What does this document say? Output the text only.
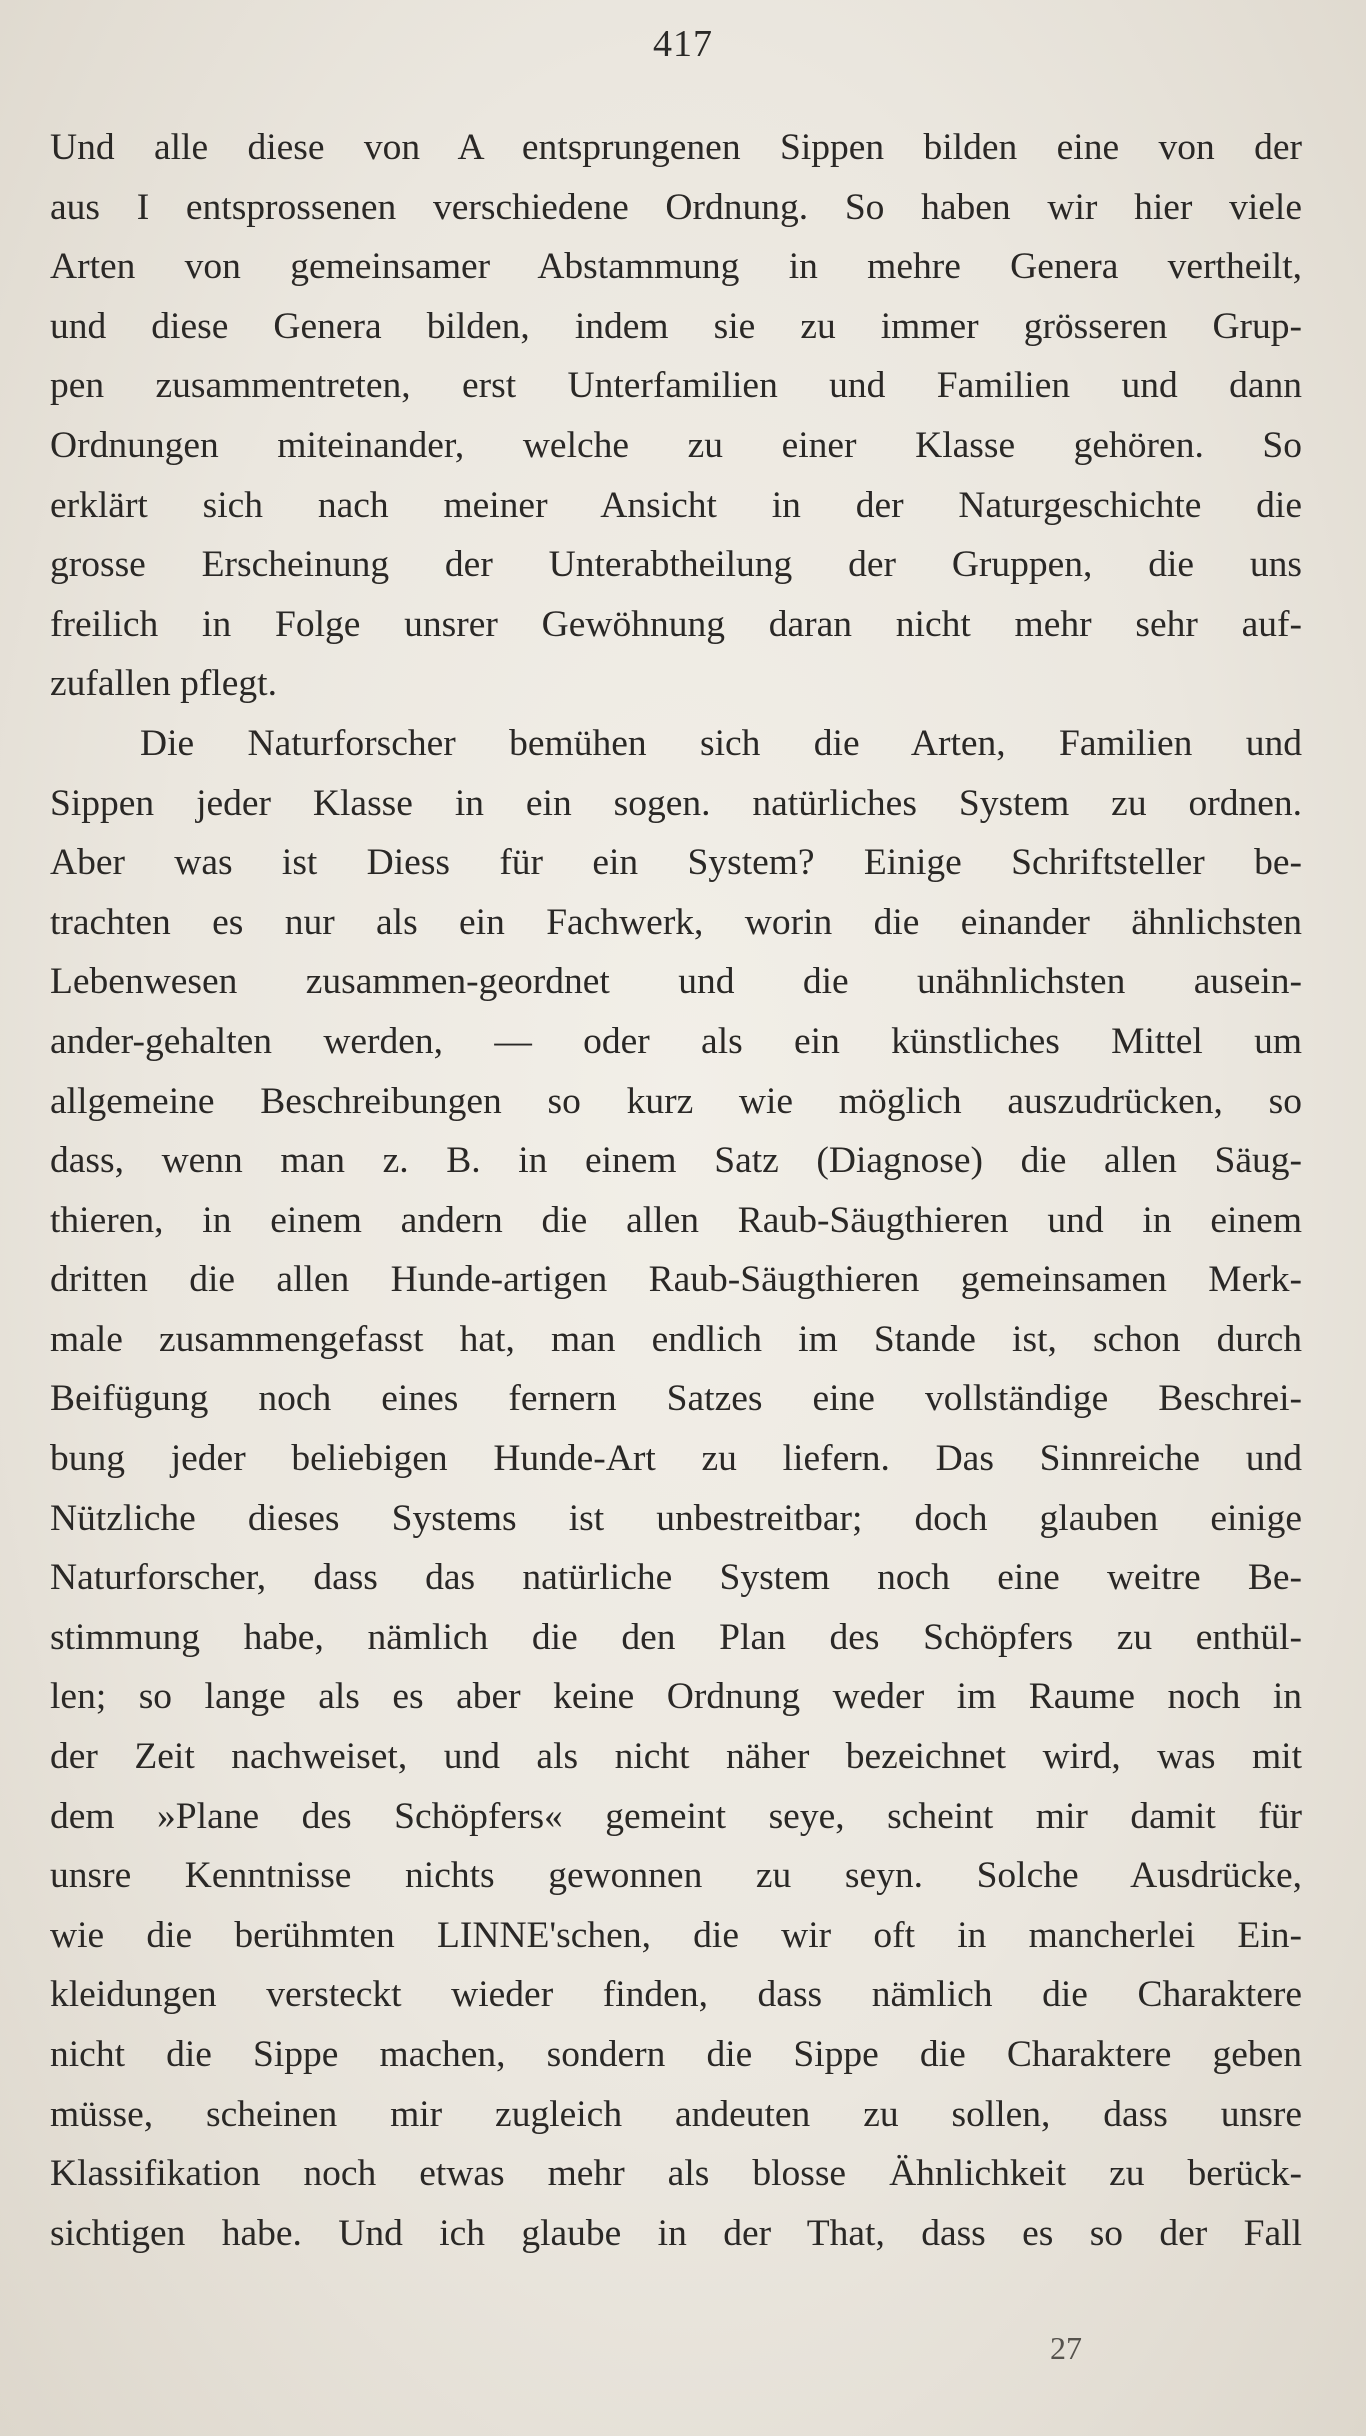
417
Und alle diese von A entsprungenen Sippen bilden eine von der
aus I entsprossenen verschiedene Ordnung. So haben wir hier viele
Arten von gemeinsamer Abstammung in mehre Genera vertheilt,
und diese Genera bilden, indem sie zu immer grösseren Grup-
pen zusammentreten, erst Unterfamilien und Familien und dann
Ordnungen miteinander, welche zu einer Klasse gehören. So
erklärt sich nach meiner Ansicht in der Naturgeschichte die
grosse Erscheinung der Unterabtheilung der Gruppen, die uns
freilich in Folge unsrer Gewöhnung daran nicht mehr sehr auf-
zufallen pflegt.
Die Naturforscher bemühen sich die Arten, Familien und
Sippen jeder Klasse in ein sogen. natürliches System zu ordnen.
Aber was ist Diess für ein System? Einige Schriftsteller be-
trachten es nur als ein Fachwerk, worin die einander ähnlichsten
Lebenwesen zusammen-geordnet und die unähnlichsten ausein-
ander-gehalten werden, — oder als ein künstliches Mittel um
allgemeine Beschreibungen so kurz wie möglich auszudrücken, so
dass, wenn man z. B. in einem Satz (Diagnose) die allen Säug-
thieren, in einem andern die allen Raub-Säugthieren und in einem
dritten die allen Hunde-artigen Raub-Säugthieren gemeinsamen Merk-
male zusammengefasst hat, man endlich im Stande ist, schon durch
Beifügung noch eines fernern Satzes eine vollständige Beschrei-
bung jeder beliebigen Hunde-Art zu liefern. Das Sinnreiche und
Nützliche dieses Systems ist unbestreitbar; doch glauben einige
Naturforscher, dass das natürliche System noch eine weitre Be-
stimmung habe, nämlich die den Plan des Schöpfers zu enthül-
len; so lange als es aber keine Ordnung weder im Raume noch in
der Zeit nachweiset, und als nicht näher bezeichnet wird, was mit
dem »Plane des Schöpfers« gemeint seye, scheint mir damit für
unsre Kenntnisse nichts gewonnen zu seyn. Solche Ausdrücke,
wie die berühmten LINNE'schen, die wir oft in mancherlei Ein-
kleidungen versteckt wieder finden, dass nämlich die Charaktere
nicht die Sippe machen, sondern die Sippe die Charaktere geben
müsse, scheinen mir zugleich andeuten zu sollen, dass unsre
Klassifikation noch etwas mehr als blosse Ähnlichkeit zu berück-
sichtigen habe. Und ich glaube in der That, dass es so der Fall
27
